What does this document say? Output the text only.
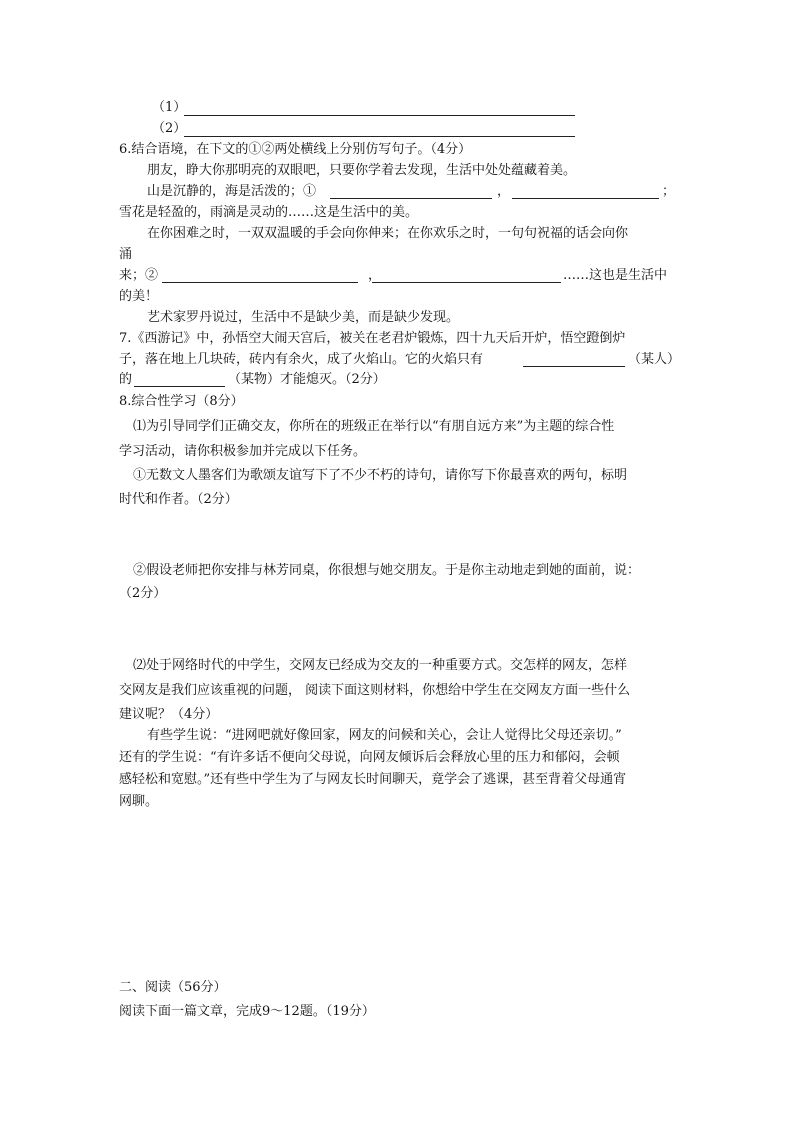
（1）
（2）
6.结合语境，在下文的①②两处横线上分别仿写句子。（4分）
朋友，睁大你那明亮的双眼吧，只要你学着去发现，生活中处处蕴藏着美。
山是沉静的，海是活泼的；①	，	；
雪花是轻盈的，雨滴是灵动的……这是生活中的美。
在你困难之时，一双双温暖的手会向你伸来；在你欢乐之时，一句句祝福的话会向你
涌
来；②	，	……这也是生活中
的美！
艺术家罗丹说过，生活中不是缺少美，而是缺少发现。
7.《西游记》中，孙悟空大闹天宫后，被关在老君炉锻炼，四十九天后开炉，悟空蹬倒炉
子，落在地上几块砖，砖内有余火，成了火焰山。它的火焰只有	（某人）
的	（某物）才能熄灭。（2分）
8.综合性学习（8分）
⑴为引导同学们正确交友，你所在的班级正在举行以“有朋自远方来”为主题的综合性
学习活动，请你积极参加并完成以下任务。
①无数文人墨客们为歌颂友谊写下了不少不朽的诗句，请你写下你最喜欢的两句，标明
时代和作者。（2分）
②假设老师把你安排与林芳同桌，你很想与她交朋友。于是你主动地走到她的面前，说：
（2分）
⑵处于网络时代的中学生，交网友已经成为交友的一种重要方式。交怎样的网友，怎样
交网友是我们应该重视的问题， 阅读下面这则材料，你想给中学生在交网友方面一些什么
建议呢？（4分）
有些学生说：“进网吧就好像回家，网友的问候和关心，会让人觉得比父母还亲切。”
还有的学生说：“有许多话不便向父母说，向网友倾诉后会释放心里的压力和郁闷，会顿
感轻松和宽慰。”还有些中学生为了与网友长时间聊天，竟学会了逃课，甚至背着父母通宵
网聊。
二、阅读（56分）
阅读下面一篇文章，完成9～12题。（19分）
